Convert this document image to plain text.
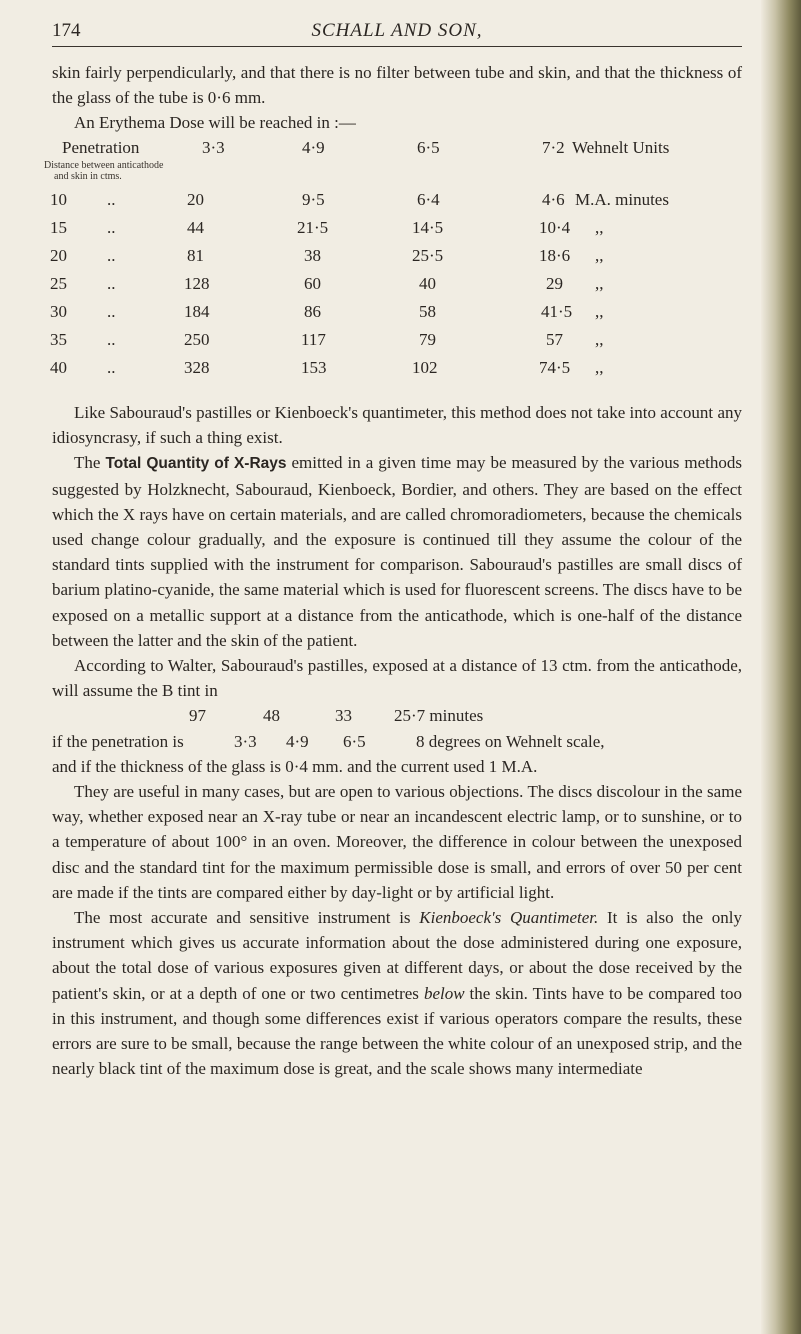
174	SCHALL AND SON,

skin fairly perpendicularly, and that there is no filter between tube and skin, and that the thickness of the glass of the tube is 0·6 mm.

An Erythema Dose will be reached in :—

Penetration	3·3	4·9	6·5	7·2 Wehnelt Units
Distance between anticathode
and skin in ctms.
10 ..	20	9·5	6·4	4·6 M.A. minutes
15 ..	44	21·5	14·5	10·4 ,,
20 ..	81	38	25·5	18·6 ,,
25 ..	128	60	40	29 ,,
30 ..	184	86	58	41·5 ,,
35 ..	250	117	79	57 ,,
40 ..	328	153	102	74·5 ,,

Like Sabouraud's pastilles or Kienboeck's quantimeter, this method does not take into account any idiosyncrasy, if such a thing exist.

The Total Quantity of X-Rays emitted in a given time may be measured by the various methods suggested by Holzknecht, Sabouraud, Kienboeck, Bordier, and others. They are based on the effect which the X rays have on certain materials, and are called chromoradiometers, because the chemicals used change colour gradually, and the exposure is continued till they assume the colour of the standard tints supplied with the instrument for comparison. Sabouraud's pastilles are small discs of barium platino-cyanide, the same material which is used for fluorescent screens. The discs have to be exposed on a metallic support at a distance from the anticathode, which is one-half of the distance between the latter and the skin of the patient.

According to Walter, Sabouraud's pastilles, exposed at a distance of 13 ctm. from the anticathode, will assume the B tint in

97	48	33 25·7 minutes
if the penetration is	3·3 4·9 6·5	8 degrees on Wehnelt scale,

and if the thickness of the glass is 0·4 mm. and the current used 1 M.A.

They are useful in many cases, but are open to various objections. The discs discolour in the same way, whether exposed near an X-ray tube or near an incandescent electric lamp, or to sunshine, or to a temperature of about 100° in an oven. Moreover, the difference in colour between the unexposed disc and the standard tint for the maximum permissible dose is small, and errors of over 50 per cent are made if the tints are compared either by day-light or by artificial light.

The most accurate and sensitive instrument is Kienboeck's Quantimeter. It is also the only instrument which gives us accurate information about the dose administered during one exposure, about the total dose of various exposures given at different days, or about the dose received by the patient's skin, or at a depth of one or two centimetres below the skin. Tints have to be compared too in this instrument, and though some differences exist if various operators compare the results, these errors are sure to be small, because the range between the white colour of an unexposed strip, and the nearly black tint of the maximum dose is great, and the scale shows many intermediate
